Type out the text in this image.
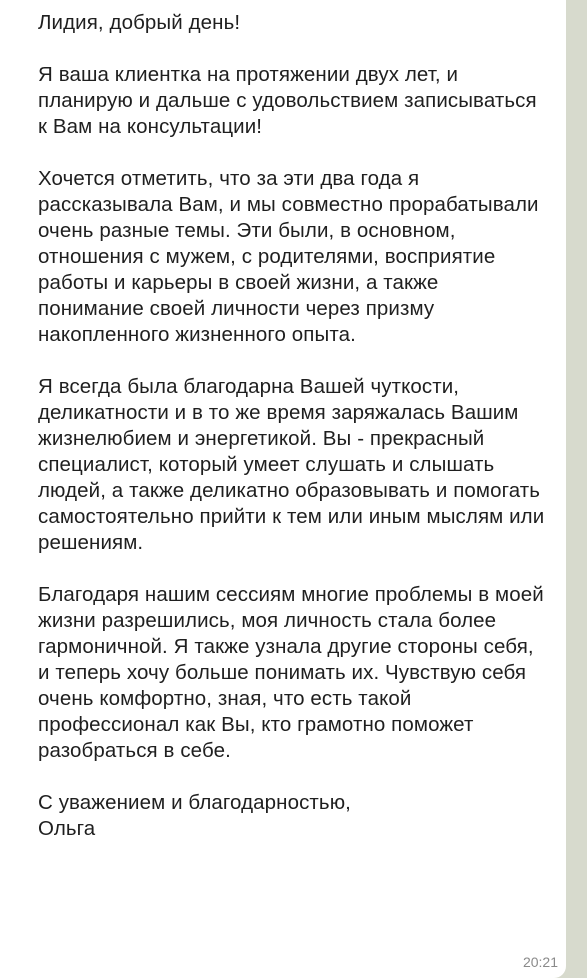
Лидия, добрый день!

Я ваша клиентка на протяжении двух лет, и планирую и дальше с удовольствием записываться к Вам на консультации!

Хочется отметить, что за эти два года я рассказывала Вам, и мы совместно прорабатывали очень разные темы. Эти были, в основном, отношения с мужем, с родителями, восприятие работы и карьеры в своей жизни, а также понимание своей личности через призму накопленного жизненного опыта.

Я всегда была благодарна Вашей чуткости, деликатности и в то же время заряжалась Вашим жизнелюбием и энергетикой. Вы - прекрасный специалист, который умеет слушать и слышать людей, а также деликатно образовывать и помогать самостоятельно прийти к тем или иным мыслям или решениям.

Благодаря нашим сессиям многие проблемы в моей жизни разрешились, моя личность стала более гармоничной. Я также узнала другие стороны себя, и теперь хочу больше понимать их. Чувствую себя очень комфортно, зная, что есть такой профессионал как Вы, кто грамотно поможет разобраться в себе.

С уважением и благодарностью,

Ольга

20:21
